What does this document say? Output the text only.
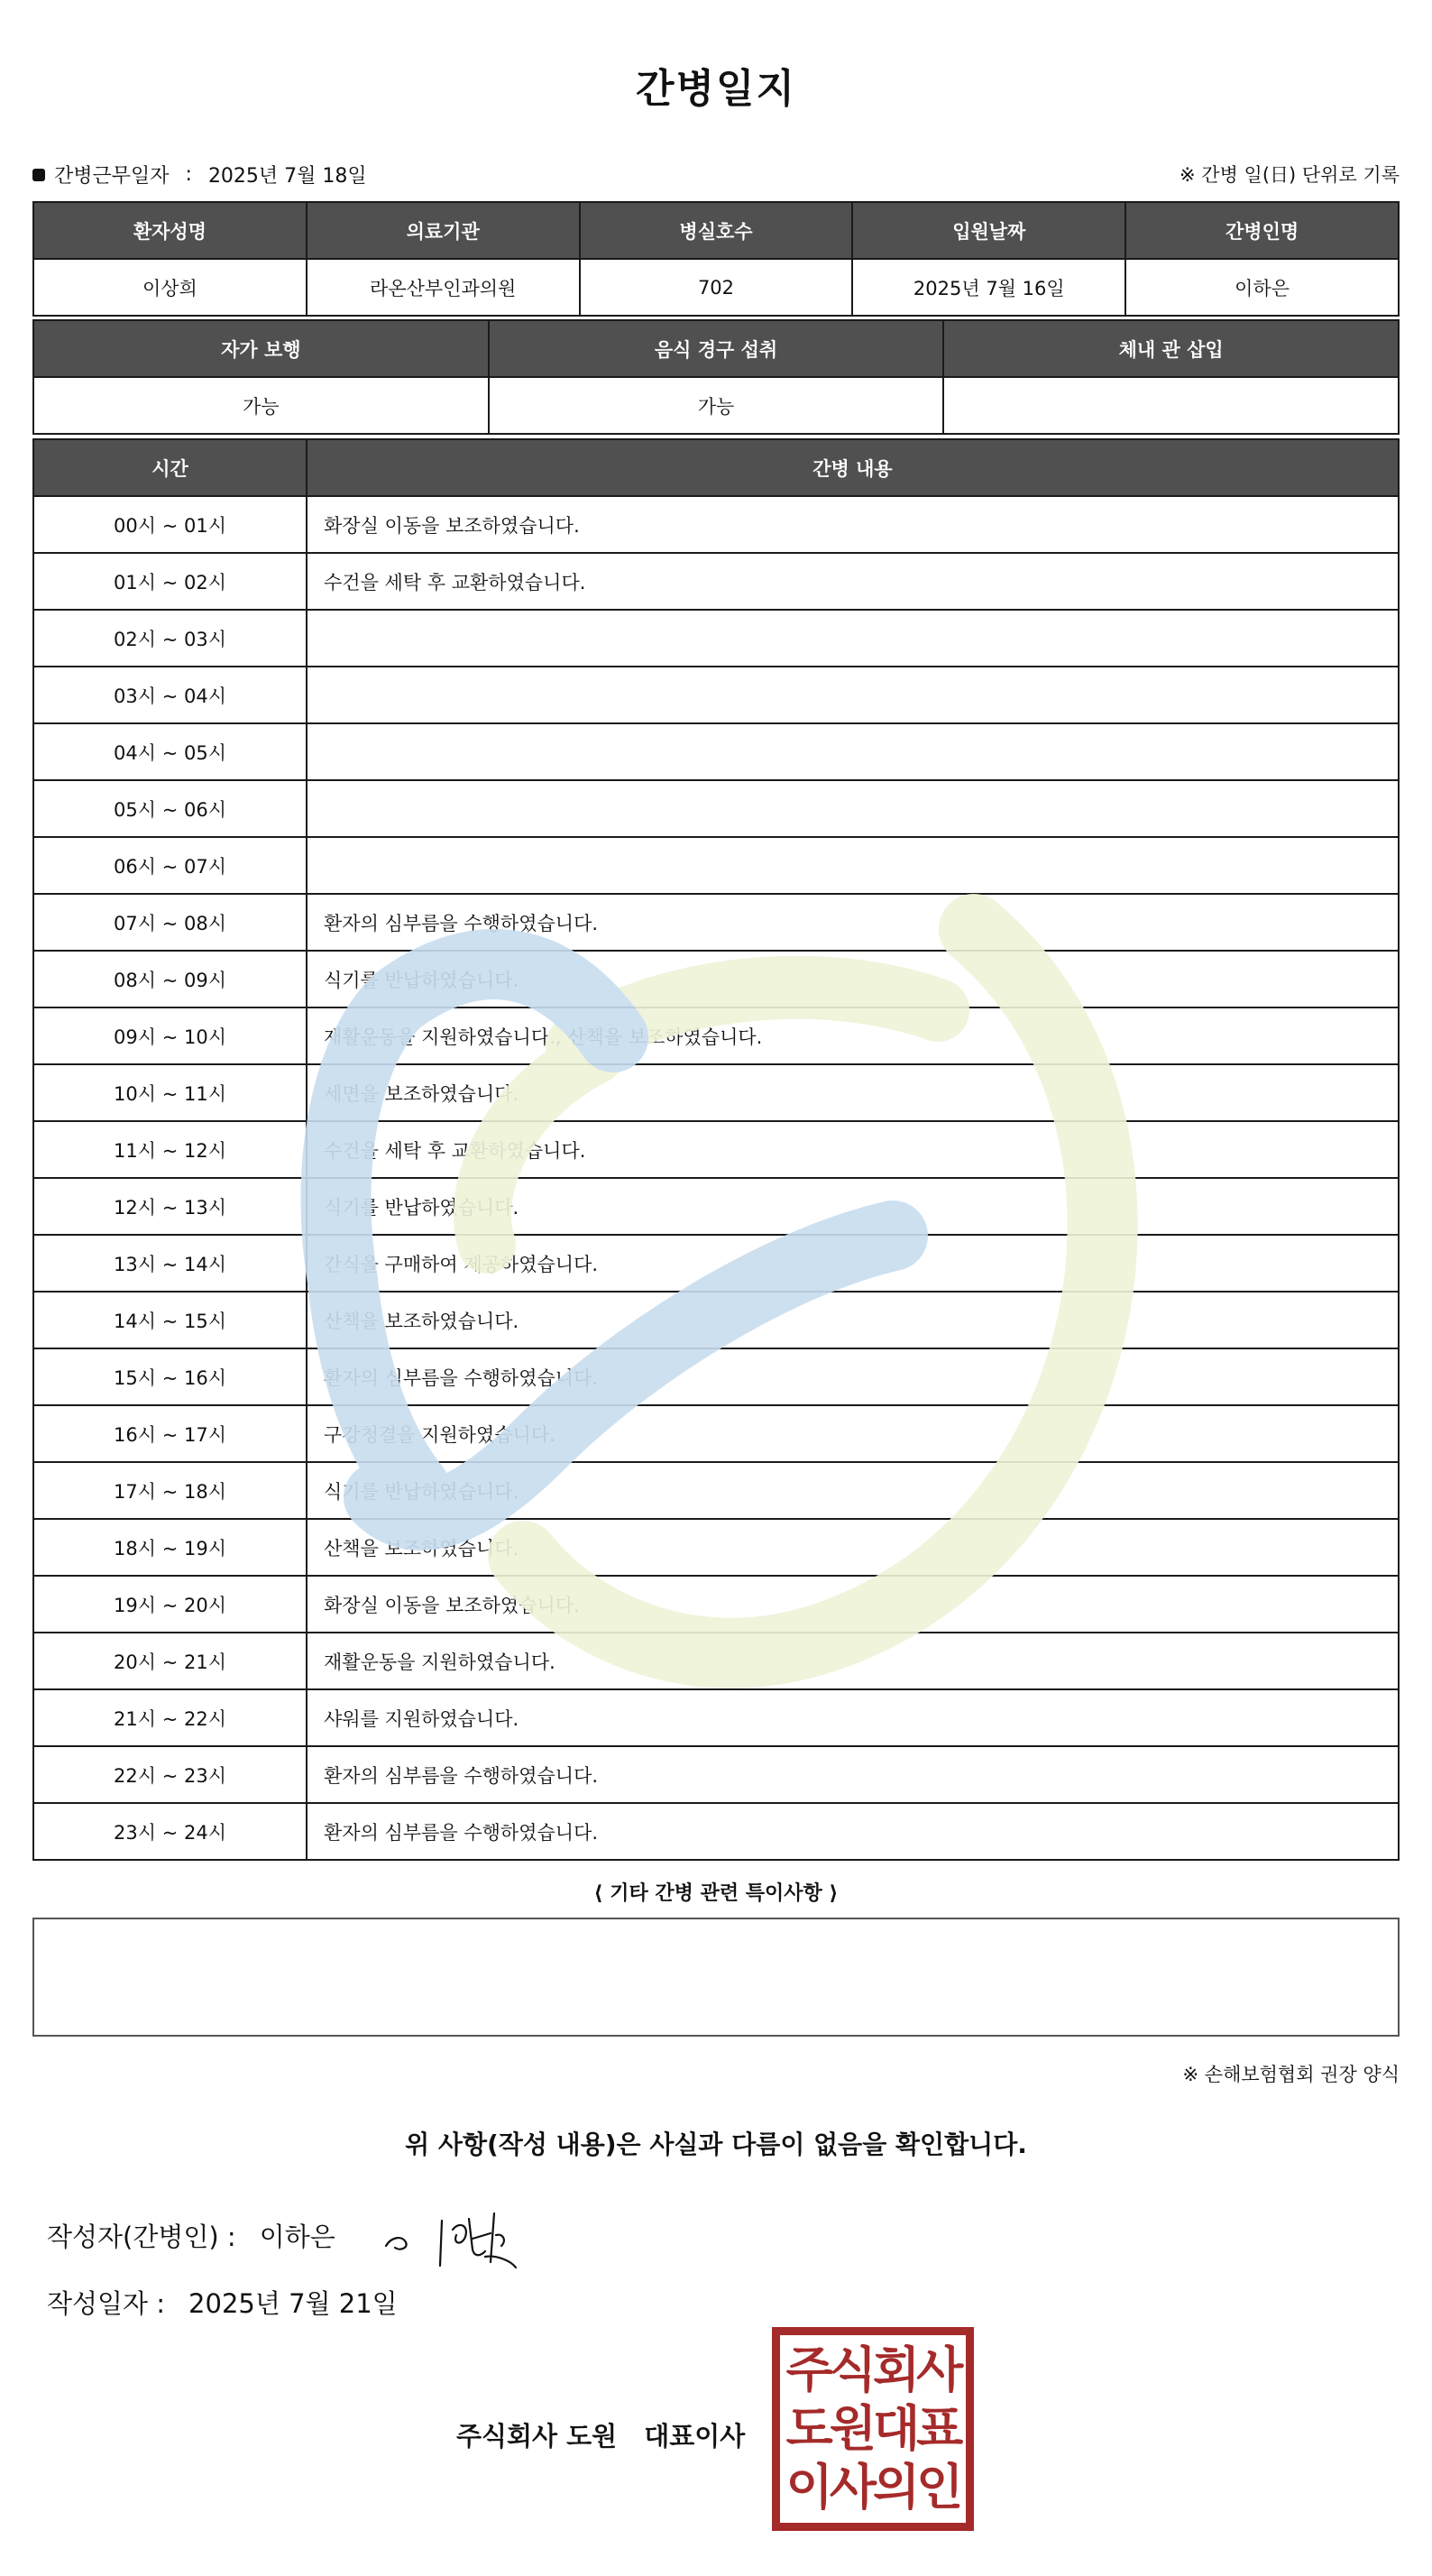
간병일지
간병근무일자 : 2025년 7월 18일	※ 간병 일(日) 단위로 기록
환자성명	의료기관	병실호수	입원날짜	간병인명
이상희	라온산부인과의원	702	2025년 7월 16일	이하은
자가 보행	음식 경구 섭취	체내 관 삽입
가능	가능	
시간	간병 내용
00시 ~ 01시	화장실 이동을 보조하였습니다.
01시 ~ 02시	수건을 세탁 후 교환하였습니다.
02시 ~ 03시	
03시 ~ 04시	
04시 ~ 05시	
05시 ~ 06시	
06시 ~ 07시	
07시 ~ 08시	환자의 심부름을 수행하였습니다.
08시 ~ 09시	식기를 반납하였습니다.
09시 ~ 10시	재활운동을 지원하였습니다., 산책을 보조하였습니다.
10시 ~ 11시	세면을 보조하였습니다.
11시 ~ 12시	수건을 세탁 후 교환하였습니다.
12시 ~ 13시	식기를 반납하였습니다.
13시 ~ 14시	간식을 구매하여 제공하였습니다.
14시 ~ 15시	산책을 보조하였습니다.
15시 ~ 16시	환자의 심부름을 수행하였습니다.
16시 ~ 17시	구강청결을 지원하였습니다.
17시 ~ 18시	식기를 반납하였습니다.
18시 ~ 19시	산책을 보조하였습니다.
19시 ~ 20시	화장실 이동을 보조하였습니다.
20시 ~ 21시	재활운동을 지원하였습니다.
21시 ~ 22시	샤워를 지원하였습니다.
22시 ~ 23시	환자의 심부름을 수행하였습니다.
23시 ~ 24시	환자의 심부름을 수행하였습니다.
⟨ 기타 간병 관련 특이사항 ⟩
※ 손해보험협회 권장 양식
위 사항(작성 내용)은 사실과 다름이 없음을 확인합니다.
작성자(간병인) : 이하은
작성일자 : 2025년 7월 21일
주식회사 도원 대표이사
주식회사
도원대표
이사의인
